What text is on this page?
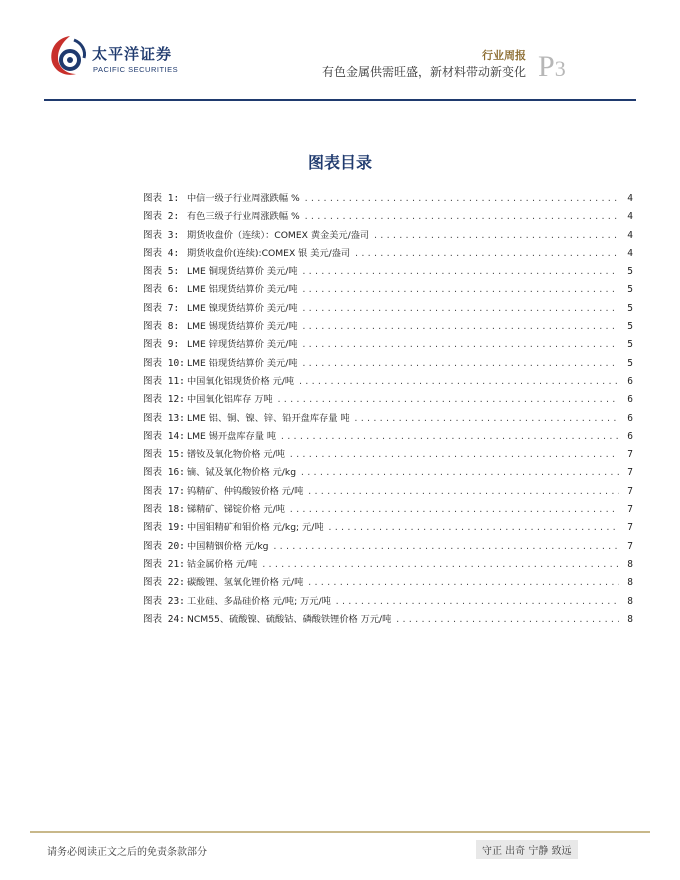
太平洋证券
PACIFIC SECURITIES
行业周报
有色金属供需旺盛，新材料带动新变化 P3
图表目录
图表 1: 中信一级子行业周涨跌幅 % .....	4
图表 2: 有色三级子行业周涨跌幅 % .....	4
图表 3: 期货收盘价（连续）：COMEX 黄金美元/盎司 .....	4
图表 4: 期货收盘价(连续):COMEX 银 美元/盎司 .....	4
图表 5: LME 铜现货结算价 美元/吨 .....	5
图表 6: LME 铝现货结算价 美元/吨 .....	5
图表 7: LME 镍现货结算价 美元/吨 .....	5
图表 8: LME 锡现货结算价 美元/吨 .....	5
图表 9: LME 锌现货结算价 美元/吨 .....	5
图表 10: LME 铅现货结算价 美元/吨 .....	5
图表 11: 中国氧化铝现货价格 元/吨 .....	6
图表 12: 中国氧化铝库存 万吨 .....	6
图表 13: LME 铝、铜、镍、锌、铅开盘库存量 吨 .....	6
图表 14: LME 锡开盘库存量 吨 .....	6
图表 15: 镨钕及氧化物价格 元/吨 .....	7
图表 16: 镝、铽及氧化物价格 元/kg .....	7
图表 17: 钨精矿、仲钨酸铵价格 元/吨 .....	7
图表 18: 锑精矿、锑锭价格 元/吨 .....	7
图表 19: 中国钼精矿和钼价格 元/kg; 元/吨 .....	7
图表 20: 中国精铟价格 元/kg .....	7
图表 21: 钴金属价格 元/吨 .....	8
图表 22: 碳酸锂、氢氧化锂价格 元/吨 .....	8
图表 23: 工业硅、多晶硅价格 元/吨; 万元/吨 .....	8
图表 24: NCM55、硫酸镍、硫酸钴、磷酸铁锂价格 万元/吨 .....	8
请务必阅读正文之后的免责条款部分	守正 出奇 宁静 致远
